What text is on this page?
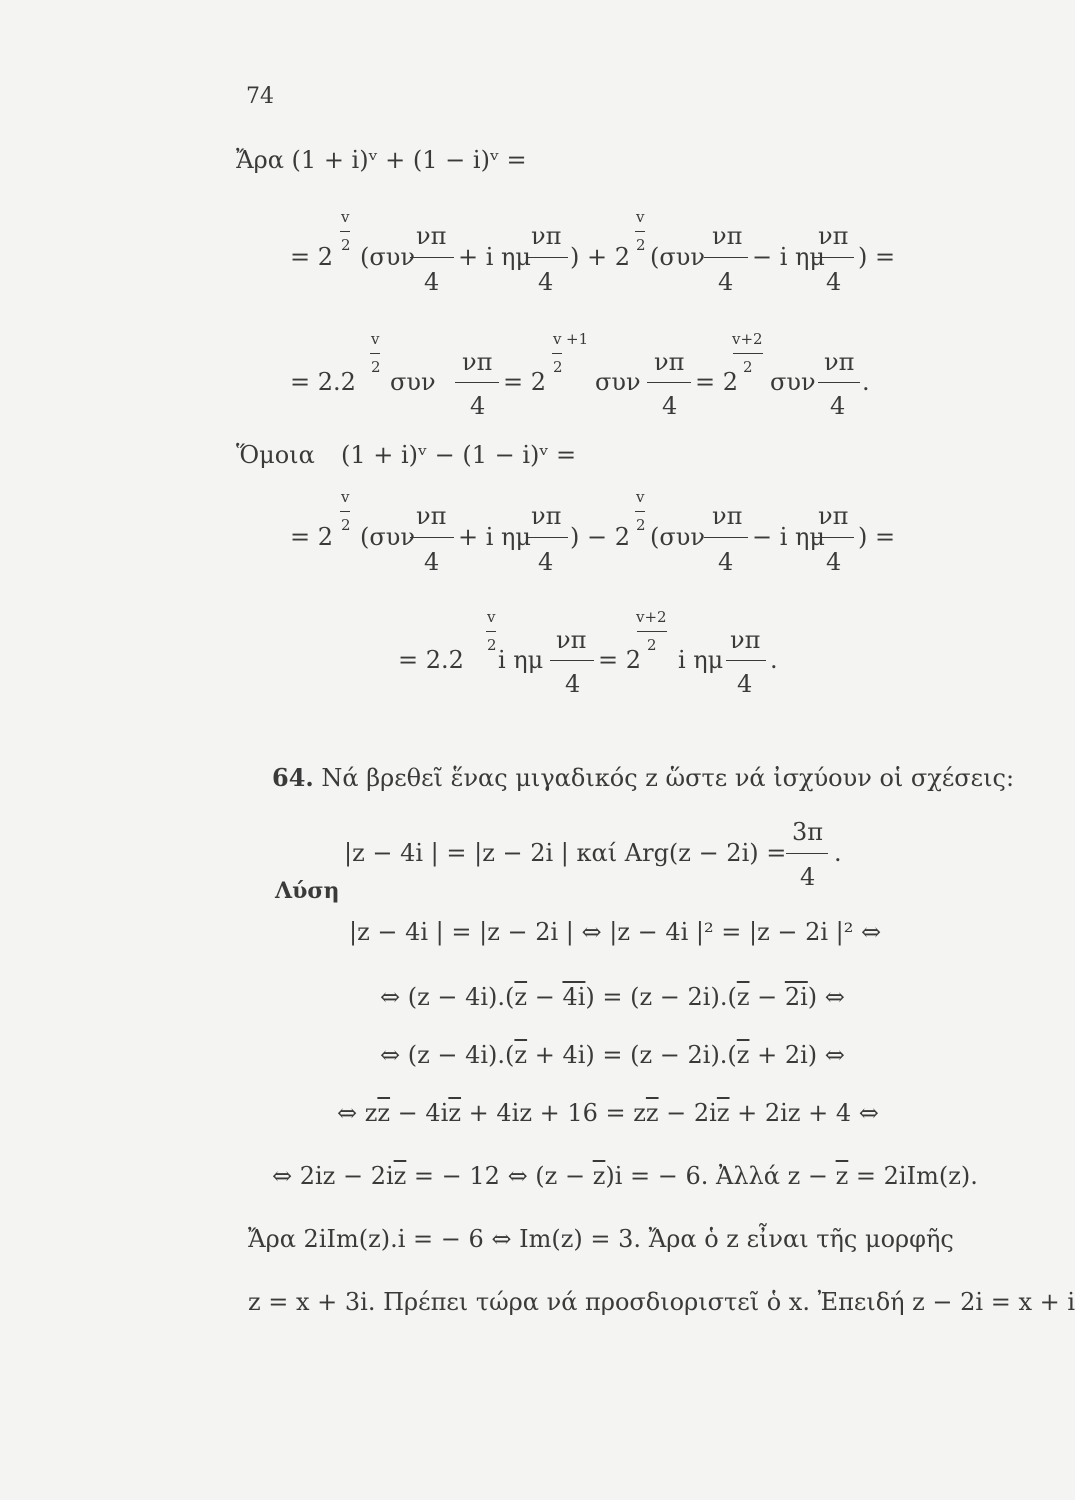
74
Ἄρα (1 + i)ᵛ + (1 − i)ᵛ =
= 2
v
2 (συν
νπ
4
+ i ημ
νπ
4
) + 2
v
2 (συν
νπ
4
− i ημ
νπ
4
) =
= 2.2
v
2
συν
νπ
4
= 2
v
2
+1
συν
νπ
4
= 2
v+2
2
συν
νπ
4
.
Ὅμοια (1 + i)ᵛ − (1 − i)ᵛ =
= 2
v
2 (συν
νπ
4
+ i ημ
νπ
4
) − 2
v
2 (συν
νπ
4
− i ημ
νπ
4
) =
= 2.2
v
2
i ημ
νπ
4
= 2
v+2
2
i ημ
νπ
4
.
64. Νά βρεθεῖ ἕνας μιγαδικός z ὥστε νά ἰσχύουν οἱ σχέσεις:
|z − 4i | = |z − 2i | καί Arg(z − 2i) =
3π
4
.
Λύση
|z − 4i | = |z − 2i | ⇔ |z − 4i |² = |z − 2i |² ⇔
⇔ $(z - 4i).(\overline{z} - 4i) = (z - 2i).(\overline{z} - 2i)$ ⇔
⇔ $(z - 4i).(\overline{z} + 4i) = (z - 2i).(\overline{z} + 2i)$ ⇔
⇔ $z\overline{z} - 4i\overline{z} + 4iz + 16 = z\overline{z} - 2i\overline{z} + 2iz + 4$ ⇔
⇔ $2iz - 2i\overline{z}$ = − 12 ⇔ $(z - \overline{z})i$ = − 6. Ἀλλά $z - \overline{z} = 2iIm(z)$.
Ἄρα 2iIm(z).i = − 6 ⇔ Im(z) = 3. Ἄρα ὁ z εἶναι τῆς μορφῆς
z = x + 3i. Πρέπει τώρα νά προσδιοριστεῖ ὁ x. Ἐπειδή z − 2i = x + i
